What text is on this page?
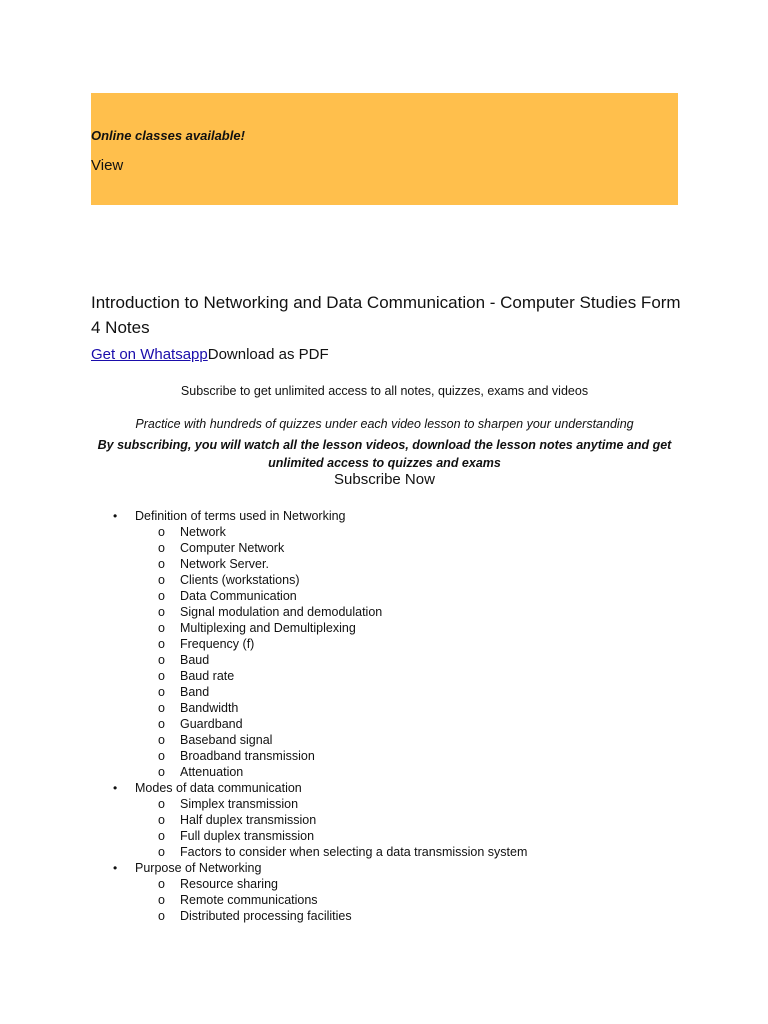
Online classes available!
View
Introduction to Networking and Data Communication - Computer Studies Form 4 Notes
Get on WhatsappDownload as PDF
Subscribe to get unlimited access to all notes, quizzes, exams and videos
Practice with hundreds of quizzes under each video lesson to sharpen your understanding
By subscribing, you will watch all the lesson videos, download the lesson notes anytime and get unlimited access to quizzes and exams
Subscribe Now
• Definition of terms used in Networking
o Network
o Computer Network
o Network Server.
o Clients (workstations)
o Data Communication
o Signal modulation and demodulation
o Multiplexing and Demultiplexing
o Frequency (f)
o Baud
o Baud rate
o Band
o Bandwidth
o Guardband
o Baseband signal
o Broadband transmission
o Attenuation
• Modes of data communication
o Simplex transmission
o Half duplex transmission
o Full duplex transmission
o Factors to consider when selecting a data transmission system
• Purpose of Networking
o Resource sharing
o Remote communications
o Distributed processing facilities
